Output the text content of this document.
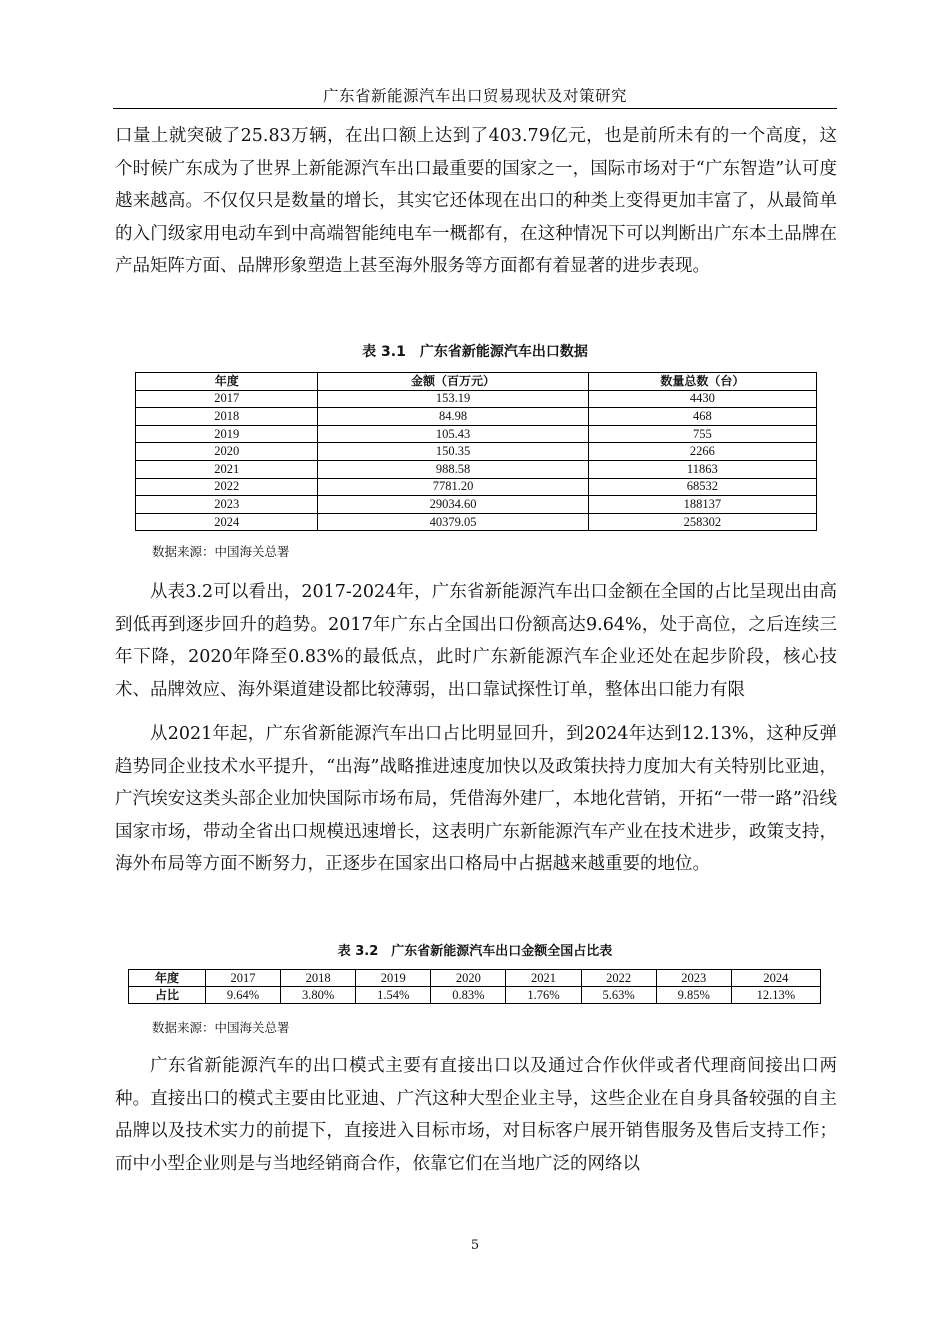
广东省新能源汽车出口贸易现状及对策研究

口量上就突破了25.83万辆，在出口额上达到了403.79亿元，也是前所未有的一个高度，这个时候广东成为了世界上新能源汽车出口最重要的国家之一，国际市场对于“广东智造”认可度越来越高。不仅仅只是数量的增长，其实它还体现在出口的种类上变得更加丰富了，从最简单的入门级家用电动车到中高端智能纯电车一概都有，在这种情况下可以判断出广东本土品牌在产品矩阵方面、品牌形象塑造上甚至海外服务等方面都有着显著的进步表现。

表 3.1　广东省新能源汽车出口数据
年度	金额（百万元）	数量总数（台）
2017	153.19	4430
2018	84.98	468
2019	105.43	755
2020	150.35	2266
2021	988.58	11863
2022	7781.20	68532
2023	29034.60	188137
2024	40379.05	258302
数据来源：中国海关总署

从表3.2可以看出，2017-2024年，广东省新能源汽车出口金额在全国的占比呈现出由高到低再到逐步回升的趋势。2017年广东占全国出口份额高达9.64%，处于高位，之后连续三年下降，2020年降至0.83%的最低点，此时广东新能源汽车企业还处在起步阶段，核心技术、品牌效应、海外渠道建设都比较薄弱，出口靠试探性订单，整体出口能力有限

从2021年起，广东省新能源汽车出口占比明显回升，到2024年达到12.13%，这种反弹趋势同企业技术水平提升，“出海”战略推进速度加快以及政策扶持力度加大有关特别比亚迪，广汽埃安这类头部企业加快国际市场布局，凭借海外建厂，本地化营销，开拓“一带一路”沿线国家市场，带动全省出口规模迅速增长，这表明广东新能源汽车产业在技术进步，政策支持，海外布局等方面不断努力，正逐步在国家出口格局中占据越来越重要的地位。

表 3.2　广东省新能源汽车出口金额全国占比表
年度	2017	2018	2019	2020	2021	2022	2023	2024
占比	9.64%	3.80%	1.54%	0.83%	1.76%	5.63%	9.85%	12.13%
数据来源：中国海关总署

广东省新能源汽车的出口模式主要有直接出口以及通过合作伙伴或者代理商间接出口两种。直接出口的模式主要由比亚迪、广汽这种大型企业主导，这些企业在自身具备较强的自主品牌以及技术实力的前提下，直接进入目标市场，对目标客户展开销售服务及售后支持工作；而中小型企业则是与当地经销商合作，依靠它们在当地广泛的网络以

5
